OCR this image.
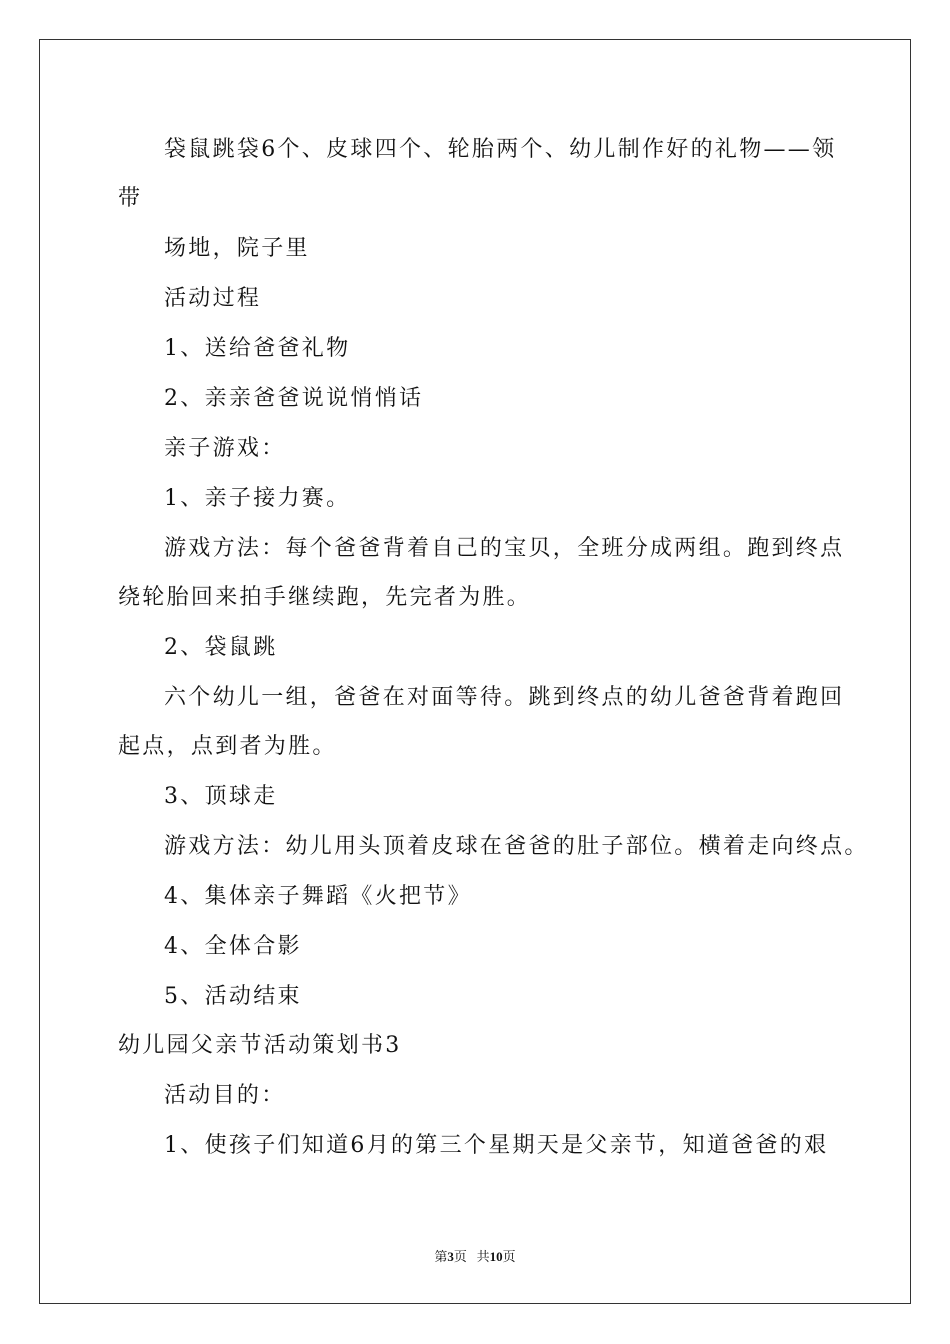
袋鼠跳袋6个、皮球四个、轮胎两个、幼儿制作好的礼物——领
带
场地，院子里
活动过程
1、送给爸爸礼物
2、亲亲爸爸说说悄悄话
亲子游戏：
1、亲子接力赛。
游戏方法：每个爸爸背着自己的宝贝，全班分成两组。跑到终点
绕轮胎回来拍手继续跑，先完者为胜。
2、袋鼠跳
六个幼儿一组，爸爸在对面等待。跳到终点的幼儿爸爸背着跑回
起点，点到者为胜。
3、顶球走
游戏方法：幼儿用头顶着皮球在爸爸的肚子部位。横着走向终点。
4、集体亲子舞蹈《火把节》
4、全体合影
5、活动结束
幼儿园父亲节活动策划书3
活动目的：
1、使孩子们知道6月的第三个星期天是父亲节，知道爸爸的艰
第3页 共10页
